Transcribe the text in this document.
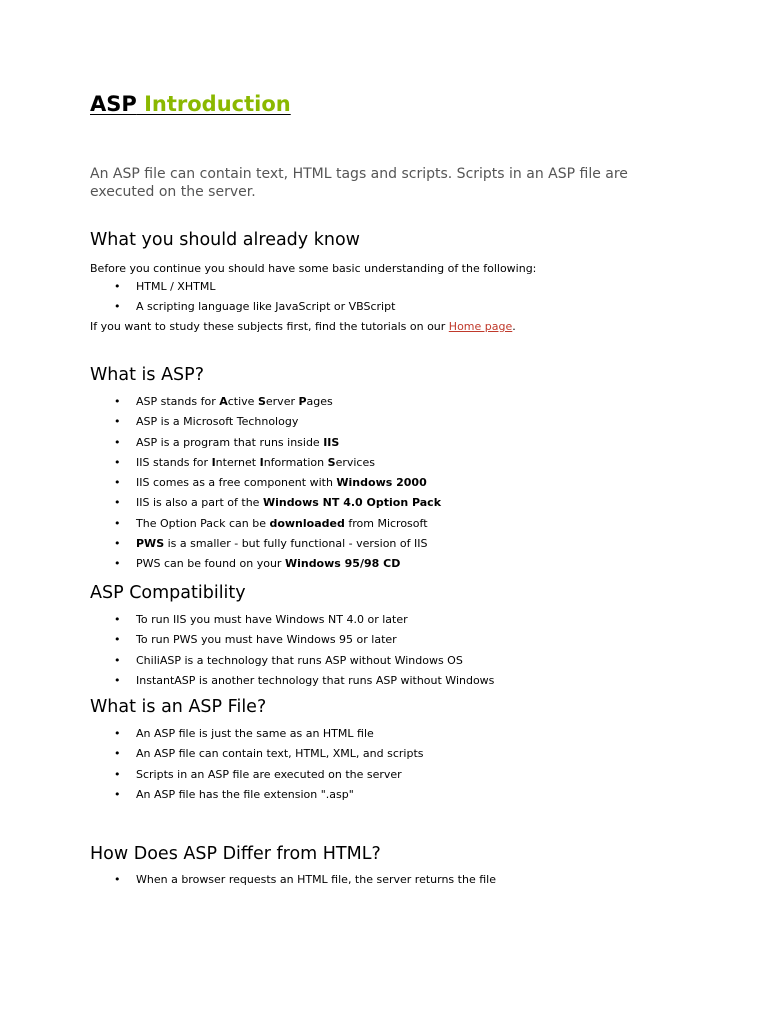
ASP Introduction

An ASP file can contain text, HTML tags and scripts. Scripts in an ASP file are executed on the server.

What you should already know

Before you continue you should have some basic understanding of the following:

• HTML / XHTML
• A scripting language like JavaScript or VBScript

If you want to study these subjects first, find the tutorials on our Home page.

What is ASP?
• ASP stands for Active Server Pages
• ASP is a Microsoft Technology
• ASP is a program that runs inside IIS
• IIS stands for Internet Information Services
• IIS comes as a free component with Windows 2000
• IIS is also a part of the Windows NT 4.0 Option Pack
• The Option Pack can be downloaded from Microsoft
• PWS is a smaller - but fully functional - version of IIS
• PWS can be found on your Windows 95/98 CD
ASP Compatibility
• To run IIS you must have Windows NT 4.0 or later
• To run PWS you must have Windows 95 or later
• ChiliASP is a technology that runs ASP without Windows OS
• InstantASP is another technology that runs ASP without Windows
What is an ASP File?
• An ASP file is just the same as an HTML file
• An ASP file can contain text, HTML, XML, and scripts
• Scripts in an ASP file are executed on the server
• An ASP file has the file extension ".asp"
How Does ASP Differ from HTML?
• When a browser requests an HTML file, the server returns the file
